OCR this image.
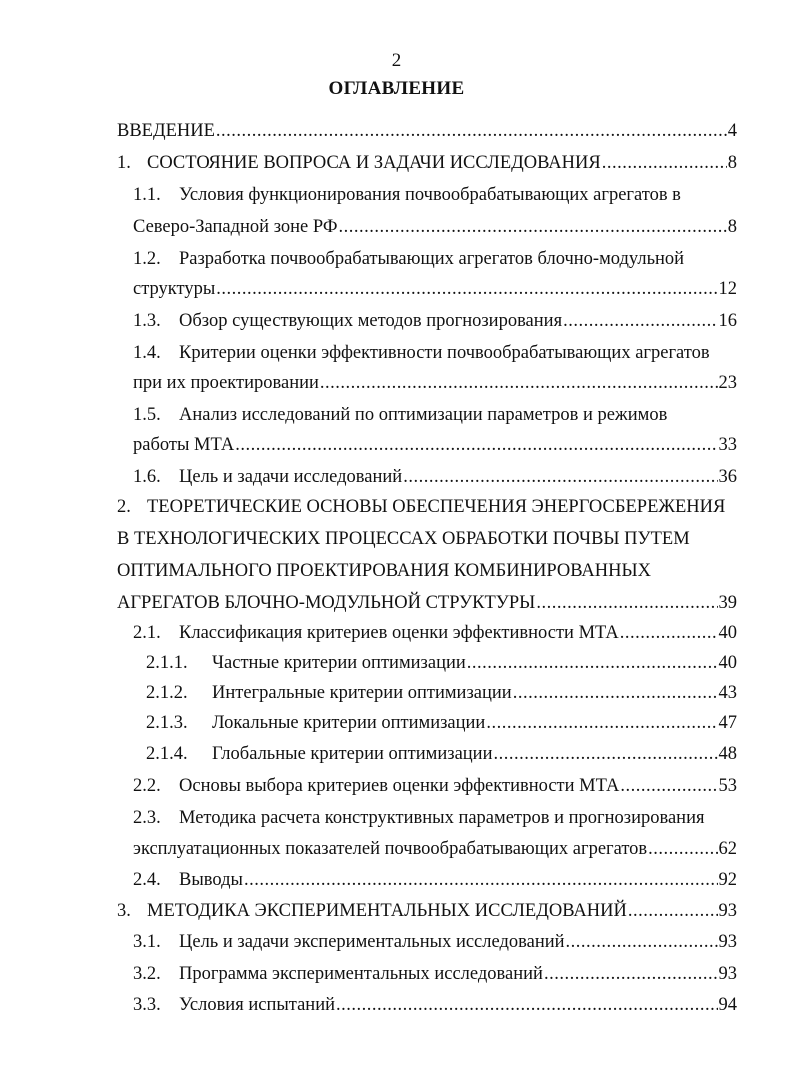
2
ОГЛАВЛЕНИЕ
ВВЕДЕНИЕ .....	4
1. СОСТОЯНИЕ ВОПРОСА И ЗАДАЧИ ИССЛЕДОВАНИЯ .....	8
1.1. Условия функционирования почвообрабатывающих агрегатов в
Северо-Западной зоне РФ .....	8
1.2. Разработка почвообрабатывающих агрегатов блочно-модульной
структуры .....	12
1.3. Обзор существующих методов прогнозирования .....	16
1.4. Критерии оценки эффективности почвообрабатывающих агрегатов
при их проектировании .....	23
1.5. Анализ исследований по оптимизации параметров и режимов
работы МТА .....	33
1.6. Цель и задачи исследований .....	36
2. ТЕОРЕТИЧЕСКИЕ ОСНОВЫ ОБЕСПЕЧЕНИЯ ЭНЕРГОСБЕРЕЖЕНИЯ
В ТЕХНОЛОГИЧЕСКИХ ПРОЦЕССАХ ОБРАБОТКИ ПОЧВЫ ПУТЕМ
ОПТИМАЛЬНОГО ПРОЕКТИРОВАНИЯ КОМБИНИРОВАННЫХ
АГРЕГАТОВ БЛОЧНО-МОДУЛЬНОЙ СТРУКТУРЫ .....	39
2.1. Классификация критериев оценки эффективности МТА .....	40
2.1.1.	Частные критерии оптимизации .....	40
2.1.2.	Интегральные критерии оптимизации .....	43
2.1.3.	Локальные критерии оптимизации .....	47
2.1.4.	Глобальные критерии оптимизации .....	48
2.2. Основы выбора критериев оценки эффективности МТА .....	53
2.3. Методика расчета конструктивных параметров и прогнозирования
эксплуатационных показателей почвообрабатывающих агрегатов .....	62
2.4. Выводы .....	92
3. МЕТОДИКА ЭКСПЕРИМЕНТАЛЬНЫХ ИССЛЕДОВАНИЙ .....	93
3.1. Цель и задачи экспериментальных исследований .....	93
3.2. Программа экспериментальных исследований .....	93
3.3. Условия испытаний .....	94
